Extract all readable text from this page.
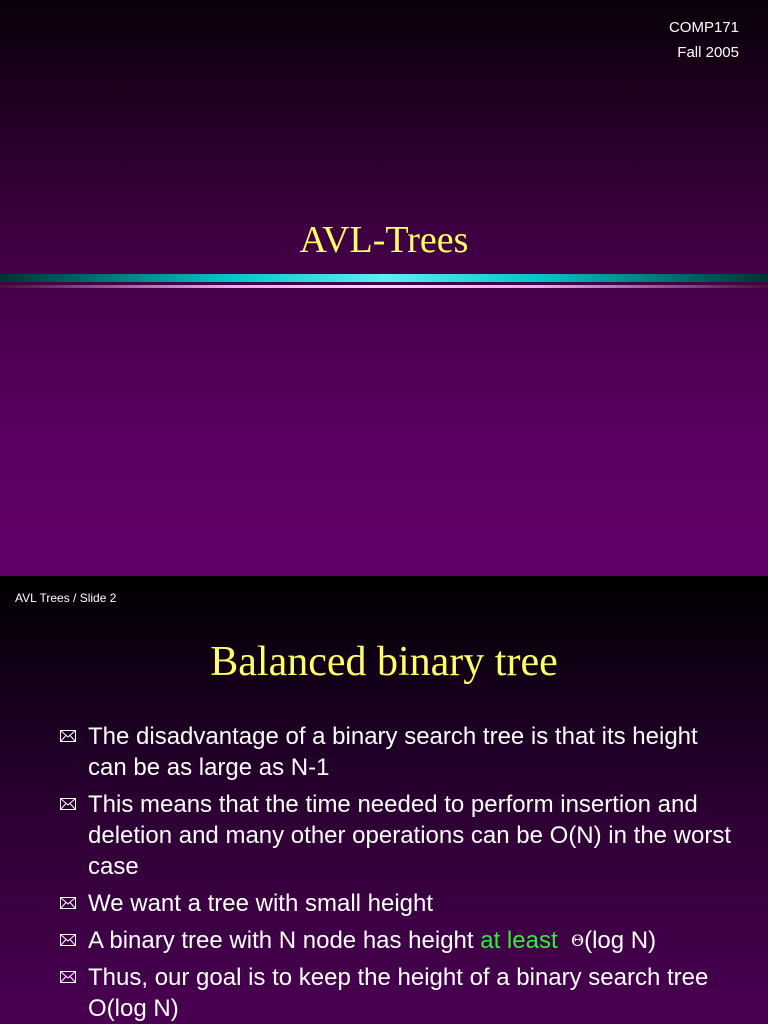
COMP171
Fall 2005
AVL-Trees
AVL Trees / Slide 2
Balanced binary tree
The disadvantage of a binary search tree is that its height can be as large as N-1
This means that the time needed to perform insertion and deletion and many other operations can be O(N) in the worst case
We want a tree with small height
A binary tree with N node has height at least Θ(log N)
Thus, our goal is to keep the height of a binary search tree O(log N)
